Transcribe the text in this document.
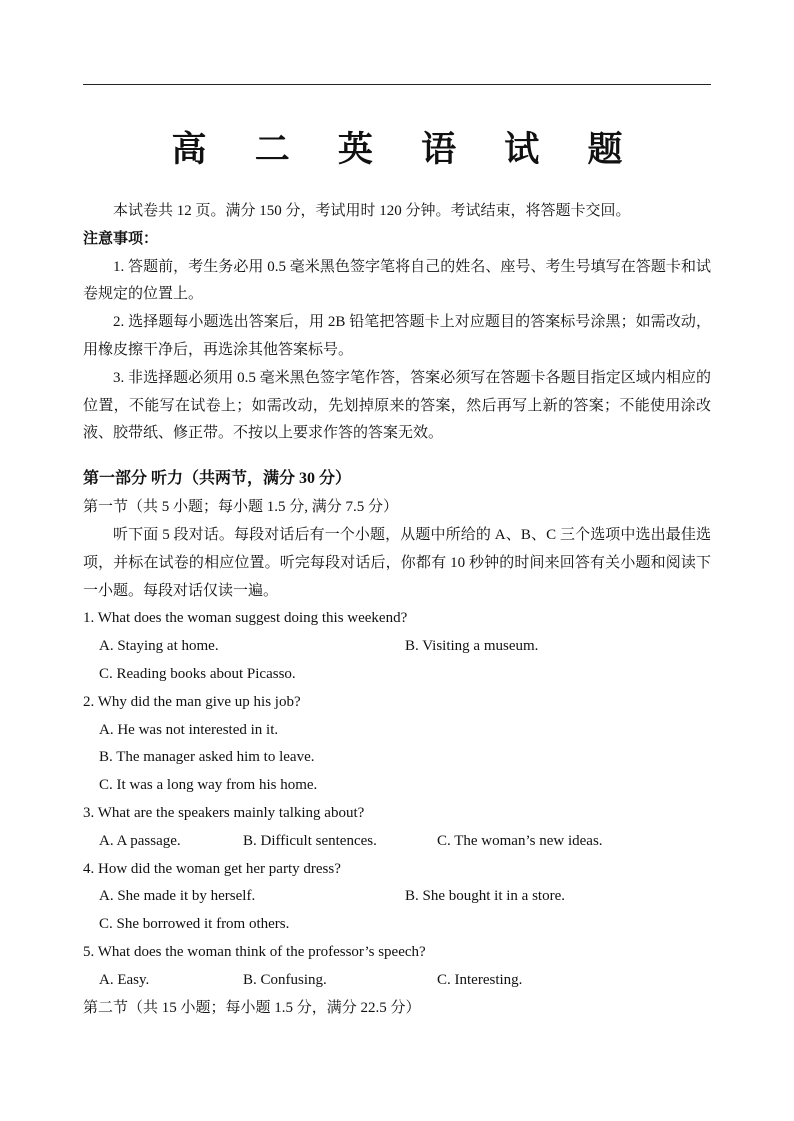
高 二 英 语 试 题

本试卷共 12 页。满分 150 分，考试用时 120 分钟。考试结束，将答题卡交回。

注意事项：

1. 答题前，考生务必用 0.5 毫米黑色签字笔将自己的姓名、座号、考生号填写在答题卡和试卷规定的位置上。

2. 选择题每小题选出答案后，用 2B 铅笔把答题卡上对应题目的答案标号涂黑；如需改动，用橡皮擦干净后，再选涂其他答案标号。

3. 非选择题必须用 0.5 毫米黑色签字笔作答，答案必须写在答题卡各题目指定区域内相应的位置，不能写在试卷上；如需改动，先划掉原来的答案，然后再写上新的答案；不能使用涂改液、胶带纸、修正带。不按以上要求作答的答案无效。

第一部分 听力（共两节，满分 30 分）

第一节（共 5 小题；每小题 1.5 分, 满分 7.5 分）

听下面 5 段对话。每段对话后有一个小题，从题中所给的 A、B、C 三个选项中选出最佳选项，并标在试卷的相应位置。听完每段对话后，你都有 10 秒钟的时间来回答有关小题和阅读下一小题。每段对话仅读一遍。

1. What does the woman suggest doing this weekend?

A. Staying at home.	B. Visiting a museum.

C. Reading books about Picasso.

2. Why did the man give up his job?

A. He was not interested in it.

B. The manager asked him to leave.

C. It was a long way from his home.

3. What are the speakers mainly talking about?

A. A passage.	B. Difficult sentences.	C. The woman’s new ideas.

4. How did the woman get her party dress?

A. She made it by herself.	B. She bought it in a store.

C. She borrowed it from others.

5. What does the woman think of the professor’s speech?

A. Easy.	B. Confusing.	C. Interesting.

第二节（共 15 小题；每小题 1.5 分，满分 22.5 分）
